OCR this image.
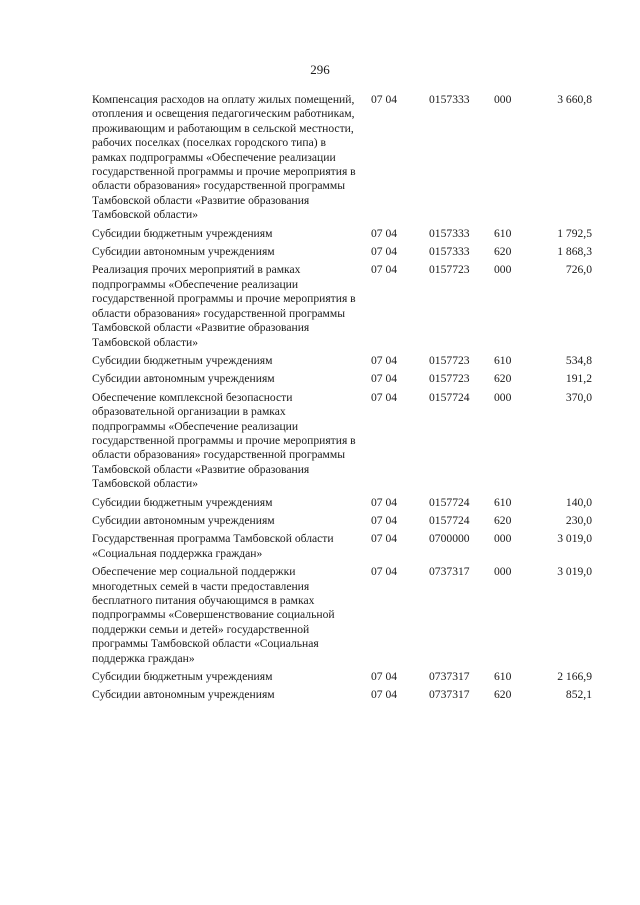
296
Компенсация расходов на оплату жилых помещений, отопления и освещения педагогическим работникам, проживающим и работающим в сельской местности, рабочих поселках (поселках городского типа) в рамках подпрограммы «Обеспечение реализации государственной программы и прочие мероприятия в области образования» государственной программы Тамбовской области «Развитие образования Тамбовской области»	07 04	0157333	000	3 660,8
Субсидии бюджетным учреждениям	07 04	0157333	610	1 792,5
Субсидии автономным учреждениям	07 04	0157333	620	1 868,3
Реализация прочих мероприятий в рамках подпрограммы «Обеспечение реализации государственной программы и прочие мероприятия в области образования» государственной программы Тамбовской области «Развитие образования Тамбовской области»	07 04	0157723	000	726,0
Субсидии бюджетным учреждениям	07 04	0157723	610	534,8
Субсидии автономным учреждениям	07 04	0157723	620	191,2
Обеспечение комплексной безопасности образовательной организации в рамках подпрограммы «Обеспечение реализации государственной программы и прочие мероприятия в области образования» государственной программы Тамбовской области «Развитие образования Тамбовской области»	07 04	0157724	000	370,0
Субсидии бюджетным учреждениям	07 04	0157724	610	140,0
Субсидии автономным учреждениям	07 04	0157724	620	230,0
Государственная программа Тамбовской области «Социальная поддержка граждан»	07 04	0700000	000	3 019,0
Обеспечение мер социальной поддержки многодетных семей в части предоставления бесплатного питания обучающимся в рамках подпрограммы «Совершенствование социальной поддержки семьи и детей» государственной программы Тамбовской области «Социальная поддержка граждан»	07 04	0737317	000	3 019,0
Субсидии бюджетным учреждениям	07 04	0737317	610	2 166,9
Субсидии автономным учреждениям	07 04	0737317	620	852,1
